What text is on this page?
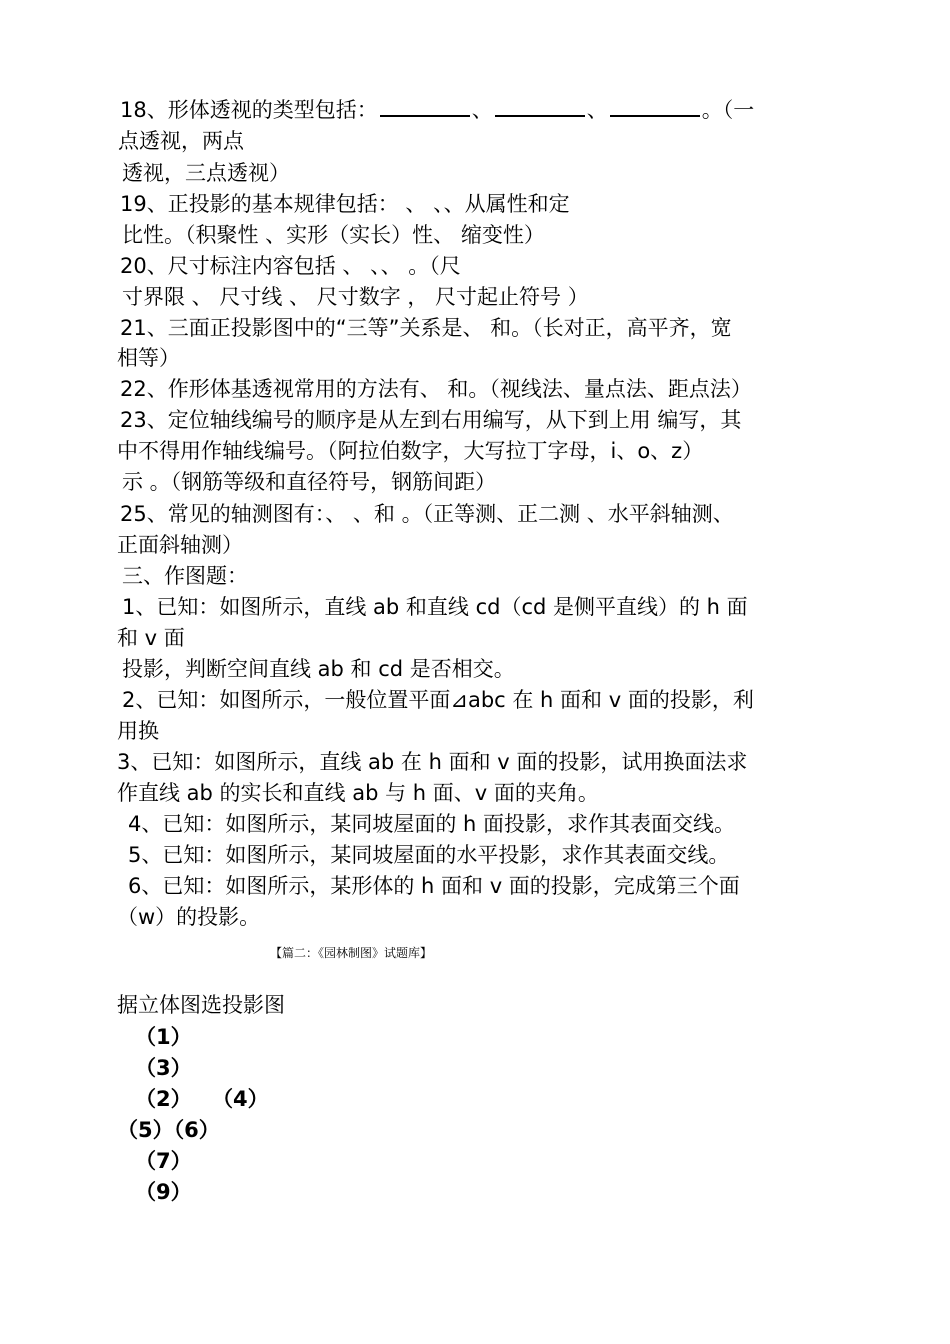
18、形体透视的类型包括：	、	、	。（一
点透视，两点
透视，三点透视）
19、正投影的基本规律包括： 、 、、从属性和定
比性。（积聚性 、实形（实长）性、 缩变性）
20、尺寸标注内容包括 、 、、 。（尺
寸界限 、 尺寸线 、 尺寸数字 ， 尺寸起止符号 ）
21、三面正投影图中的“三等”关系是、 和。（长对正，高平齐，宽
相等）
22、作形体基透视常用的方法有、 和。（视线法、量点法、距点法）
23、定位轴线编号的顺序是从左到右用编写，从下到上用 编写，其
中不得用作轴线编号。（阿拉伯数字，大写拉丁字母，i、o、z）
示 。（钢筋等级和直径符号，钢筋间距）
25、常见的轴测图有：、 、和 。（正等测、正二测 、水平斜轴测、
正面斜轴测）
三、作图题：
1、已知：如图所示，直线 ab 和直线 cd（cd 是侧平直线）的 h 面
和 v 面
投影，判断空间直线 ab 和 cd 是否相交。
2、已知：如图所示，一般位置平面⊿abc 在 h 面和 v 面的投影，利
用换
3、已知：如图所示，直线 ab 在 h 面和 v 面的投影，试用换面法求
作直线 ab 的实长和直线 ab 与 h 面、v 面的夹角。
4、已知：如图所示，某同坡屋面的 h 面投影，求作其表面交线。
5、已知：如图所示，某同坡屋面的水平投影，求作其表面交线。
6、已知：如图所示，某形体的 h 面和 v 面的投影，完成第三个面
（w）的投影。
【篇二：《园林制图》试题库】
据立体图选投影图
（1）
（3）
（2） （4）
（5）（6）
（7）
（9）
